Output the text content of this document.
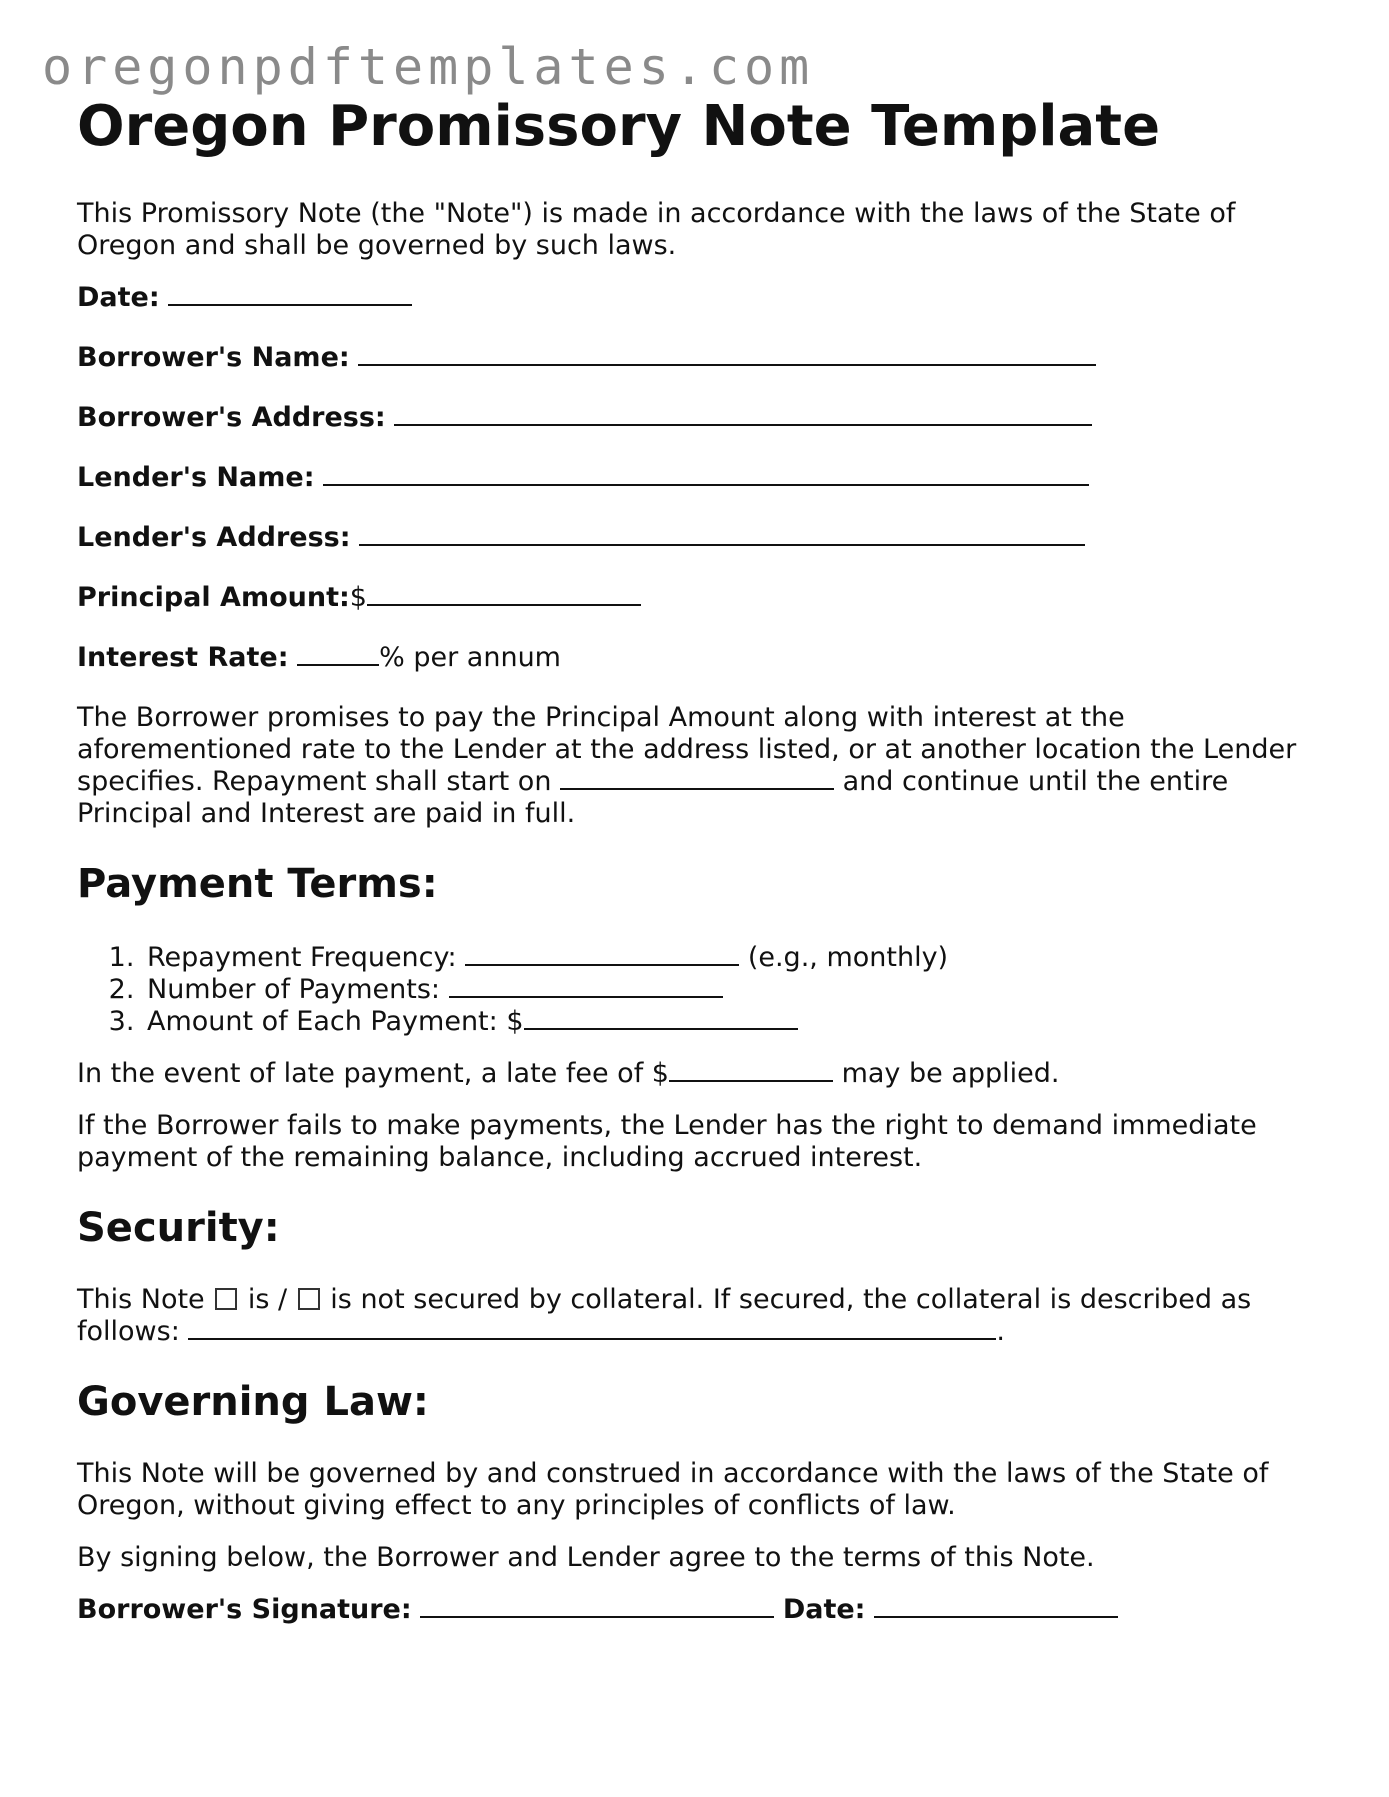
oregonpdftemplates.com
Oregon Promissory Note Template

This Promissory Note (the "Note") is made in accordance with the laws of the State of Oregon and shall be governed by such laws.

Date:

Borrower's Name:

Borrower's Address:

Lender's Name:

Lender's Address:

Principal Amount:$

Interest Rate:	% per annum

The Borrower promises to pay the Principal Amount along with interest at the aforementioned rate to the Lender at the address listed, or at another location the Lender specifies. Repayment shall start on	and continue until the entire Principal and Interest are paid in full.

Payment Terms:
1. Repayment Frequency:	(e.g., monthly)
2. Number of Payments:
3. Amount of Each Payment: $

In the event of late payment, a late fee of $	may be applied.

If the Borrower fails to make payments, the Lender has the right to demand immediate payment of the remaining balance, including accrued interest.

Security:

This Note is / is not secured by collateral. If secured, the collateral is described as follows:	.

Governing Law:

This Note will be governed by and construed in accordance with the laws of the State of Oregon, without giving effect to any principles of conflicts of law.

By signing below, the Borrower and Lender agree to the terms of this Note.

Borrower's Signature:	Date:
